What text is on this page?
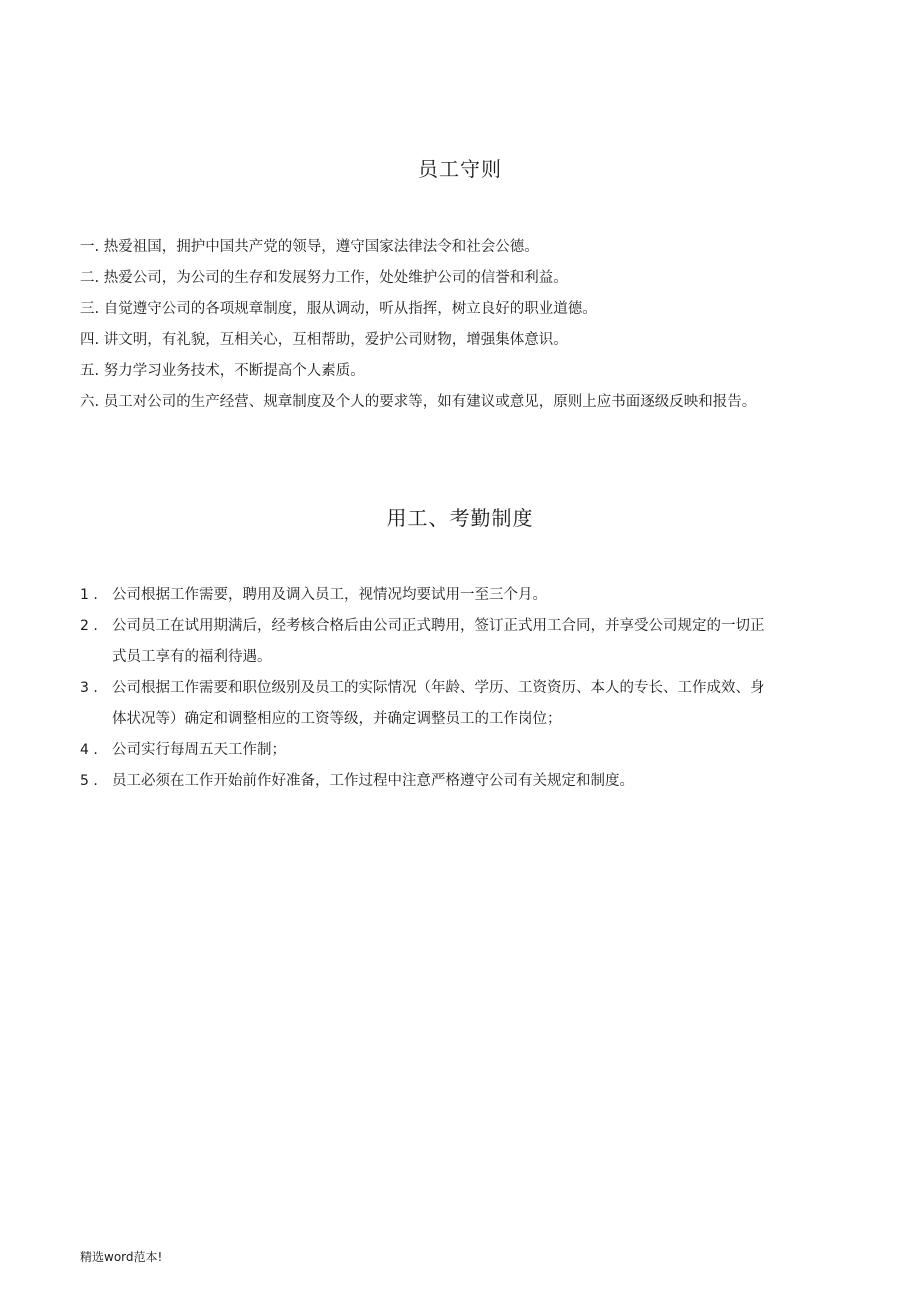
员工守则
一. 热爱祖国，拥护中国共产党的领导，遵守国家法律法令和社会公德。
二. 热爱公司，为公司的生存和发展努力工作，处处维护公司的信誉和利益。
三. 自觉遵守公司的各项规章制度，服从调动，听从指挥，树立良好的职业道德。
四. 讲文明，有礼貌，互相关心，互相帮助，爱护公司财物，增强集体意识。
五. 努力学习业务技术，不断提高个人素质。
六. 员工对公司的生产经营、规章制度及个人的要求等，如有建议或意见，原则上应书面逐级反映和报告。
用工、考勤制度
1 . 公司根据工作需要，聘用及调入员工，视情况均要试用一至三个月。
2 . 公司员工在试用期满后，经考核合格后由公司正式聘用，签订正式用工合同，并享受公司规定的一切正
式员工享有的福利待遇。
3 . 公司根据工作需要和职位级别及员工的实际情况（年龄、学历、工资资历、本人的专长、工作成效、身
体状况等）确定和调整相应的工资等级，并确定调整员工的工作岗位；
4 . 公司实行每周五天工作制；
5 . 员工必须在工作开始前作好准备，工作过程中注意严格遵守公司有关规定和制度。
精选word范本!
